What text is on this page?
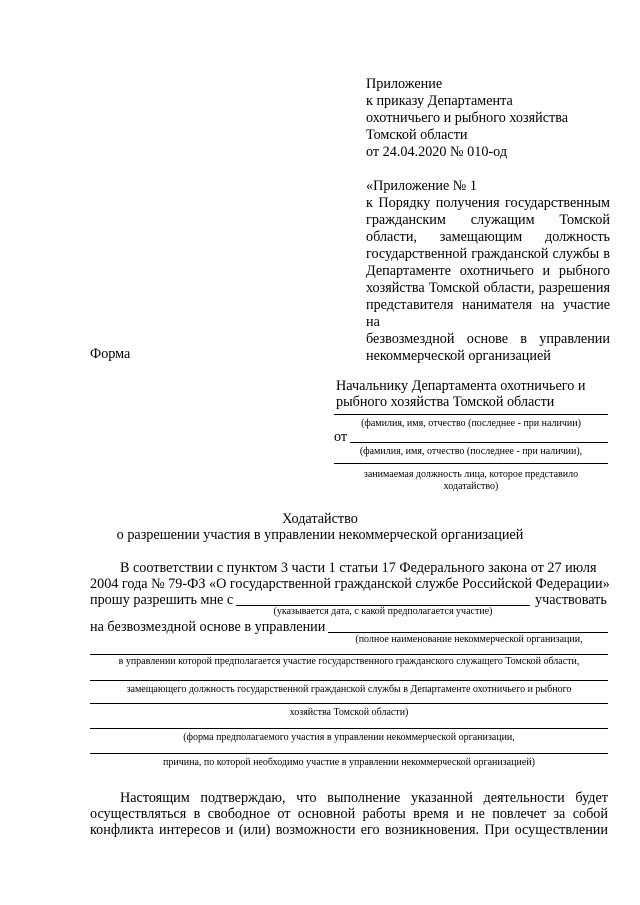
Приложение
к приказу Департамента
охотничьего и рыбного хозяйства
Томской области
от 24.04.2020 № 010-од
«Приложение № 1
к Порядку получения государственным
гражданским служащим Томской
области, замещающим должность
государственной гражданской службы в
Департаменте охотничьего и рыбного
хозяйства Томской области, разрешения
представителя нанимателя на участие на
безвозмездной основе в управлении
некоммерческой организацией
Форма
Начальнику Департамента охотничьего и
рыбного хозяйства Томской области
(фамилия, имя, отчество (последнее - при наличии)
от
(фамилия, имя, отчество (последнее - при наличии),
занимаемая должность лица, которое представило
ходатайство)
Ходатайство
о разрешении участия в управлении некоммерческой организацией
В соответствии с пунктом 3 части 1 статьи 17 Федерального закона от 27 июля
2004 года № 79-ФЗ «О государственной гражданской службе Российской Федерации»
прошу разрешить мне с	участвовать
(указывается дата, с какой предполагается участие)
на безвозмездной основе в управлении
(полное наименование некоммерческой организации,
в управлении которой предполагается участие государственного гражданского служащего Томской области,
замещающего должность государственной гражданской службы в Департаменте охотничьего и рыбного
хозяйства Томской области)
(форма предполагаемого участия в управлении некоммерческой организации,
причина, по которой необходимо участие в управлении некоммерческой организацией)
Настоящим подтверждаю, что выполнение указанной деятельности будет
осуществляться в свободное от основной работы время и не повлечет за собой
конфликта интересов и (или) возможности его возникновения. При осуществлении
